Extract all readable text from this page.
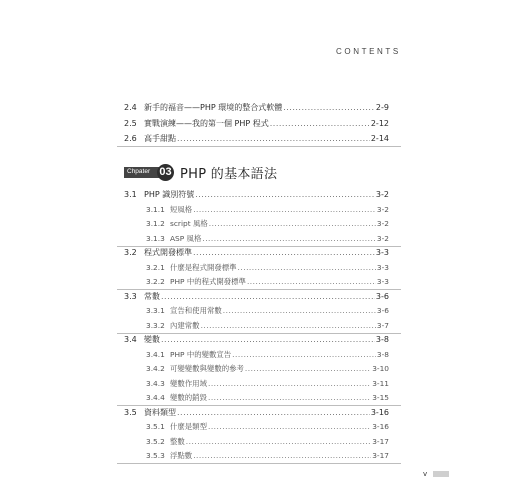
CONTENTS
2.4 新手的福音——PHP 環境的整合式軟體 .....	2-9
2.5 實戰演練——我的第一個 PHP 程式 .....	2-12
2.6 高手甜點 .....	2-14
Chpater 03 PHP 的基本語法
3.1 PHP 識別符號 .....	3-2
3.1.1 短風格 .....	3-2
3.1.2 script 風格 .....	3-2
3.1.3 ASP 風格 .....	3-2
3.2 程式開發標準 .....	3-3
3.2.1 什麼是程式開發標準 .....	3-3
3.2.2 PHP 中的程式開發標準 .....	3-3
3.3 常數 .....	3-6
3.3.1 宣告和使用常數 .....	3-6
3.3.2 內建常數 .....	3-7
3.4 變數 .....	3-8
3.4.1 PHP 中的變數宣告 .....	3-8
3.4.2 可變變數與變數的參考 .....	3-10
3.4.3 變數作用域 .....	3-11
3.4.4 變數的銷毀 .....	3-15
3.5 資料類型 .....	3-16
3.5.1 什麼是類型 .....	3-16
3.5.2 整數 .....	3-17
3.5.3 浮點數 .....	3-17
v
